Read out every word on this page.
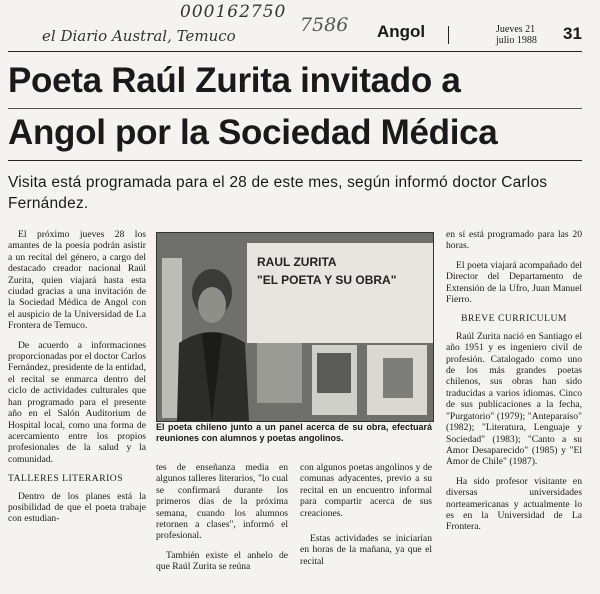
000162750
el Diario Austral, Temuco	7586 Angol	Jueves 21
julio 1988 31
Poeta Raúl Zurita invitado a
Angol por la Sociedad Médica
Visita está programada para el 28 de este mes, según informó doctor Carlos Fernández.

El próximo jueves 28 los amantes de la poesía podrán asistir a un recital del género, a cargo del destacado creador nacional Raúl Zurita, quien viajará hasta esta ciudad gracias a una invitación de la Sociedad Médica de Angol con el auspicio de la Universidad de La Frontera de Temuco.

De acuerdo a informaciones proporcionadas por el doctor Carlos Fernández, presidente de la entidad, el recital se enmarca dentro del ciclo de actividades culturales que han programado para el presente año en el Salón Auditorium de Hospital local, como una forma de acercamiento entre los propios profesionales de la salud y la comunidad.

TALLERES LITERARIOS

Dentro de los planes está la posibilidad de que el poeta trabaje con estudian-

RAUL ZURITA
"EL POETA Y SU OBRA"
El poeta chileno junto a un panel acerca de su obra, efectuará reuniones con alumnos y poetas angolinos.

tes de enseñanza media en algunos talleres literarios, "lo cual se confirmará durante los primeros días de la próxima semana, cuando los alumnos retornen a clases", informó el profesional.

También existe el anhelo de que Raúl Zurita se reúna

con algunos poetas angolinos y de comunas adyacentes, previo a su recital en un encuentro informal para compartir acerca de sus creaciones.

Estas actividades se iniciarían en horas de la mañana, ya que el recital

en sí está programado para las 20 horas.

El poeta viajará acompañado del Director del Departamento de Extensión de la Ufro, Juan Manuel Fierro.

BREVE CURRICULUM

Raúl Zurita nació en Santiago el año 1951 y es ingeniero civil de profesión. Catalogado como uno de los más grandes poetas chilenos, sus obras han sido traducidas a varios idiomas. Cinco de sus publicaciones a la fecha, "Purgatorio" (1979); "Anteparaíso" (1982); "Literatura, Lenguaje y Sociedad" (1983); "Canto a su Amor Desaparecido" (1985) y "El Amor de Chile" (1987).

Ha sido profesor visitante en diversas universidades norteamericanas y actualmente lo es en la Universidad de La Frontera.
